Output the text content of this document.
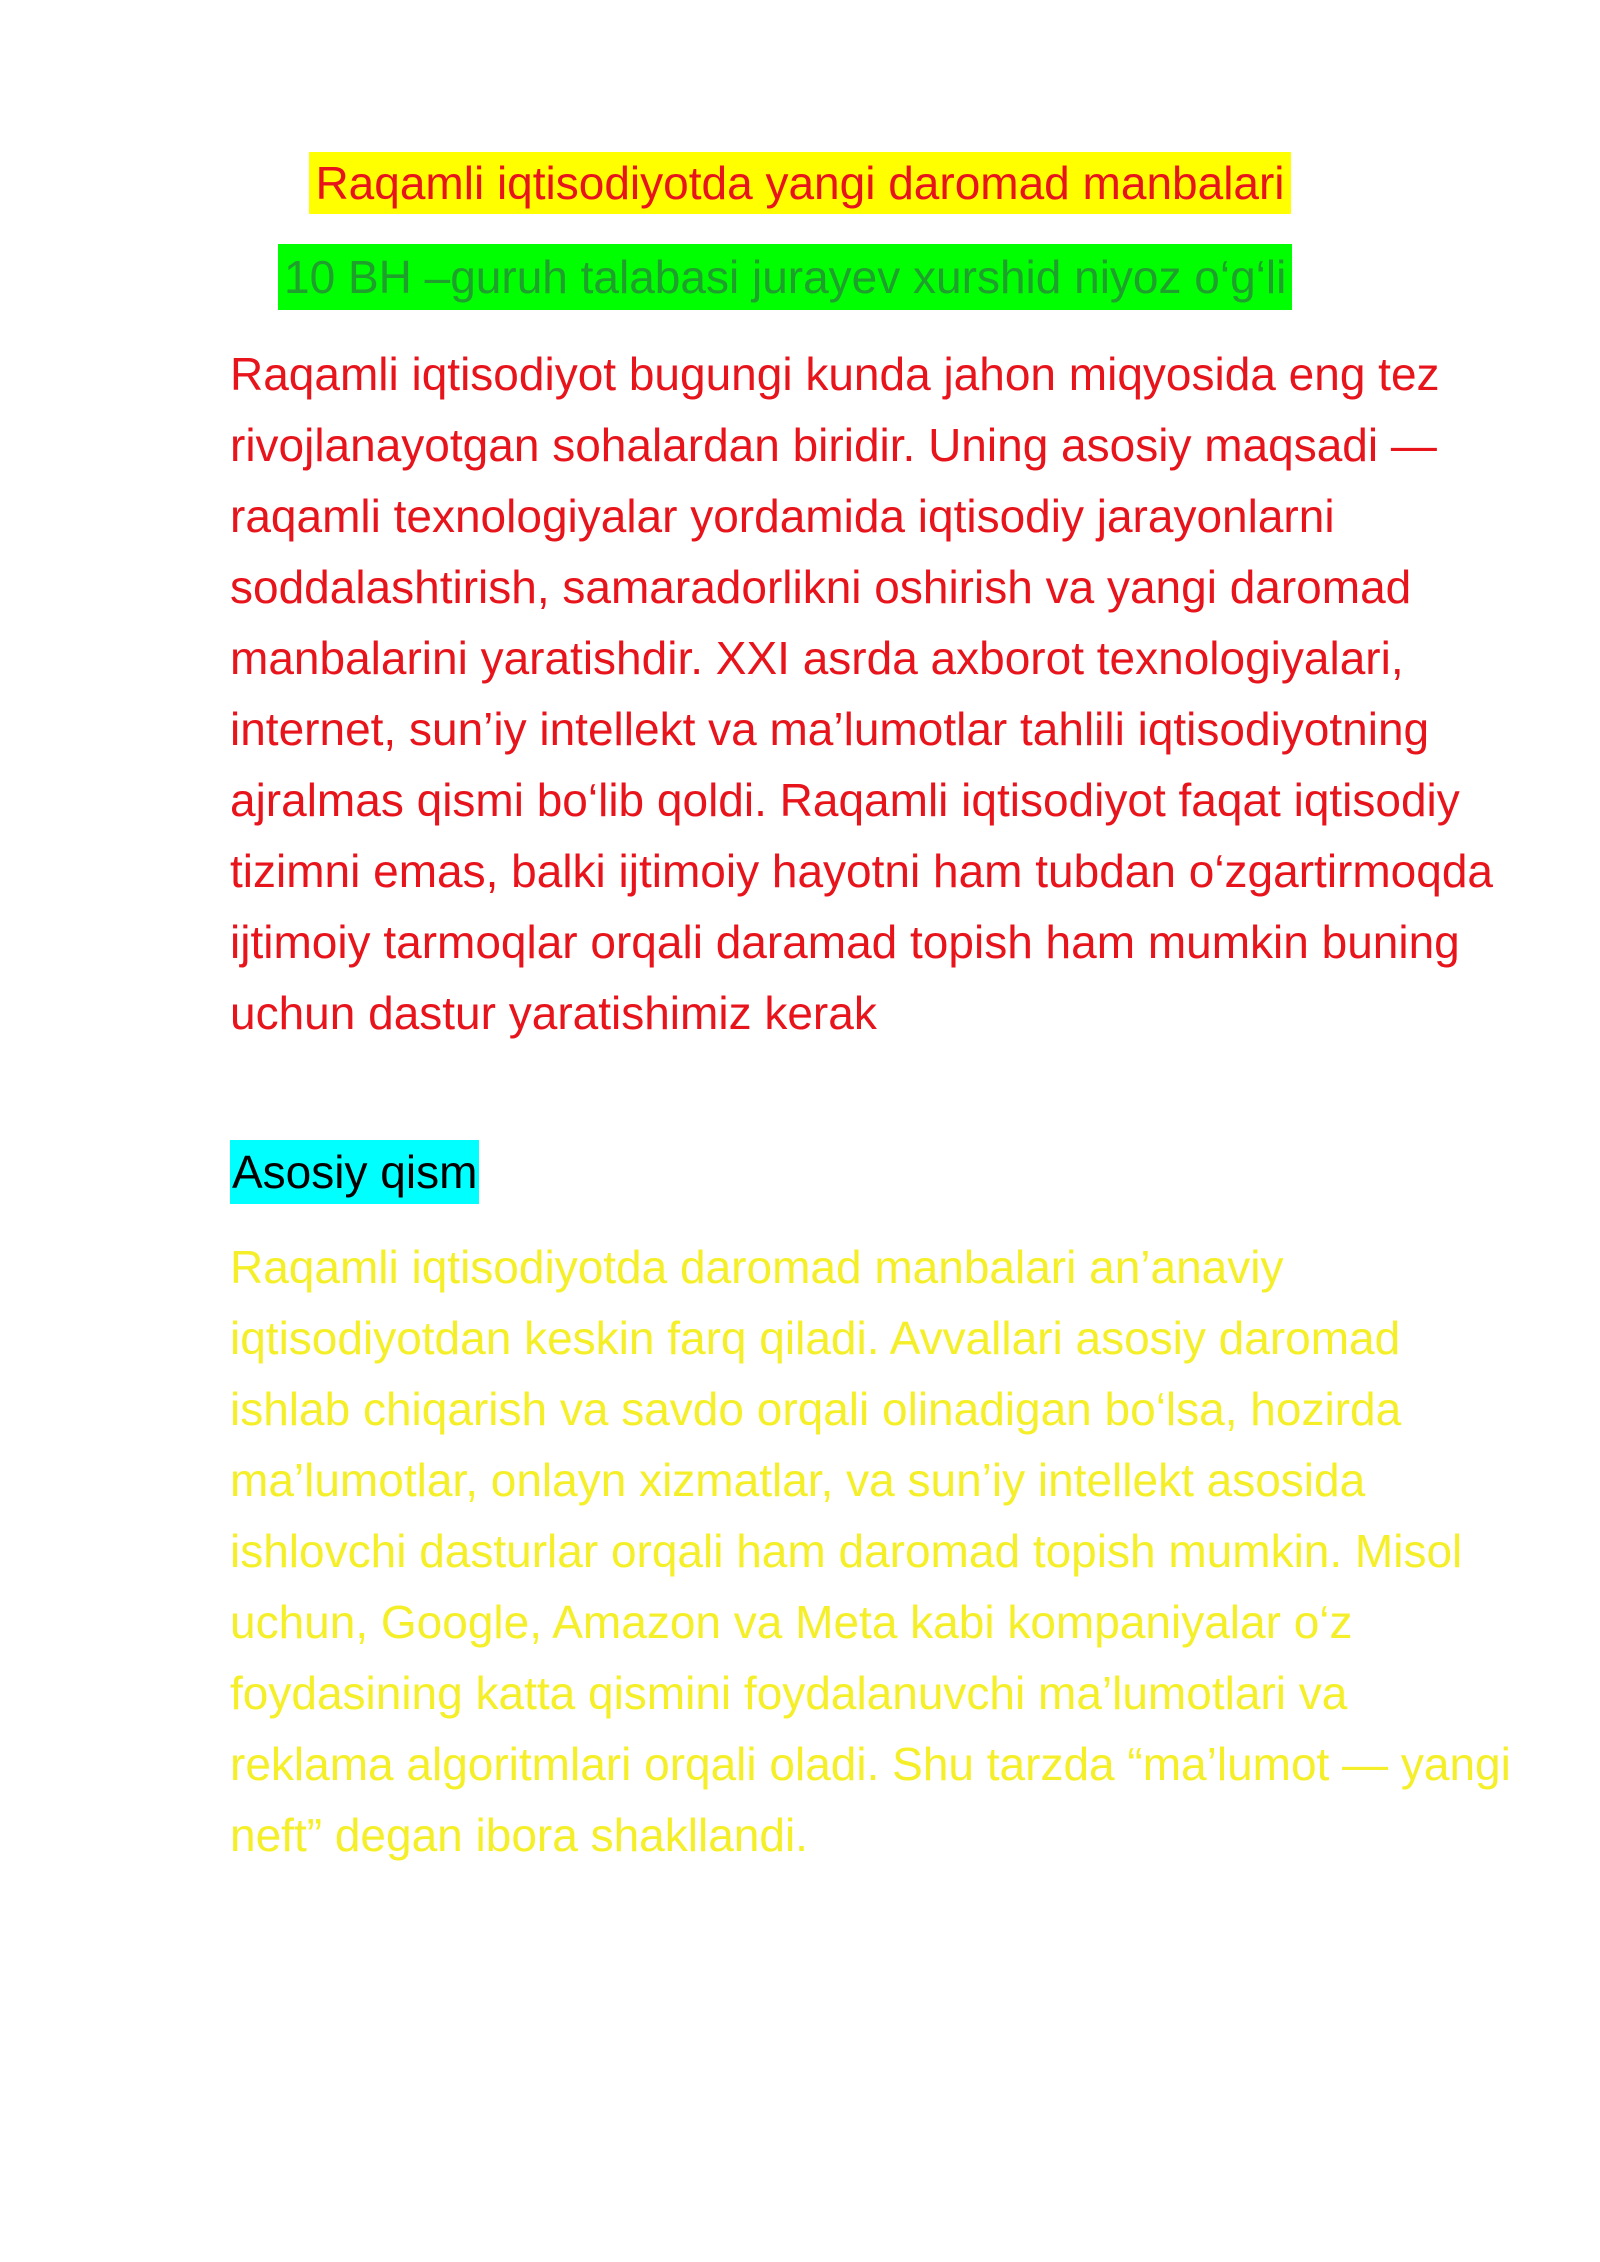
Raqamli iqtisodiyotda yangi daromad manbalari
10 BH –guruh talabasi jurayev xurshid niyoz o‘g‘li

Raqamli iqtisodiyot bugungi kunda jahon miqyosida eng tez rivojlanayotgan sohalardan biridir. Uning asosiy maqsadi — raqamli texnologiyalar yordamida iqtisodiy jarayonlarni soddalashtirish, samaradorlikni oshirish va yangi daromad manbalarini yaratishdir. XXI asrda axborot texnologiyalari, internet, sun’iy intellekt va ma’lumotlar tahlili iqtisodiyotning ajralmas qismi bo‘lib qoldi. Raqamli iqtisodiyot faqat iqtisodiy tizimni emas, balki ijtimoiy hayotni ham tubdan o‘zgartirmoqda ijtimoiy tarmoqlar orqali daramad topish ham mumkin buning uchun dastur yaratishimiz kerak

Asosiy qism

Raqamli iqtisodiyotda daromad manbalari an’anaviy iqtisodiyotdan keskin farq qiladi. Avvallari asosiy daromad ishlab chiqarish va savdo orqali olinadigan bo‘lsa, hozirda ma’lumotlar, onlayn xizmatlar, va sun’iy intellekt asosida ishlovchi dasturlar orqali ham daromad topish mumkin. Misol uchun, Google, Amazon va Meta kabi kompaniyalar o‘z foydasining katta qismini foydalanuvchi ma’lumotlari va reklama algoritmlari orqali oladi. Shu tarzda “ma’lumot — yangi neft” degan ibora shakllandi.
